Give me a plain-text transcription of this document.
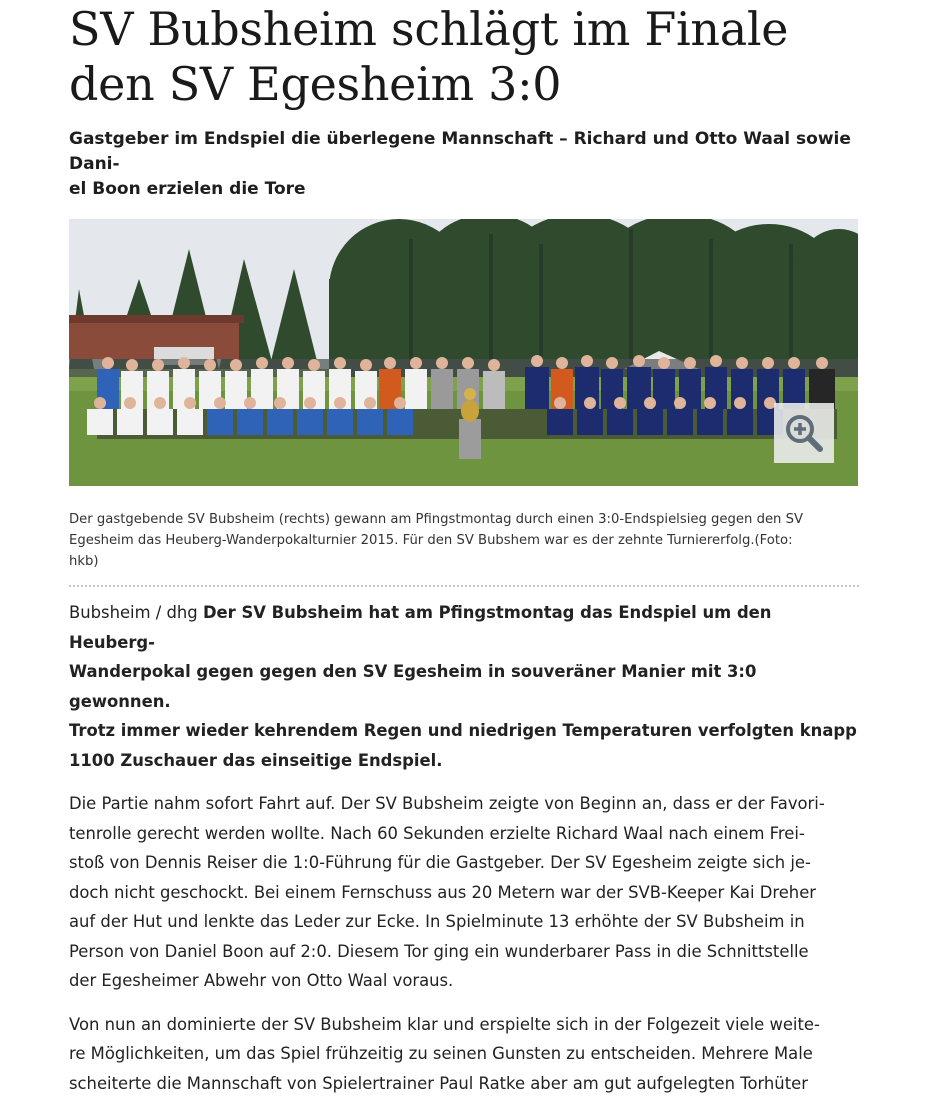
SV Bubsheim schlägt im Finale
den SV Egesheim 3:0

Gastgeber im Endspiel die überlegene Mannschaft – Richard und Otto Waal sowie Dani-
el Boon erzielen die Tore

Der gastgebende SV Bubsheim (rechts) gewann am Pfingstmontag durch einen 3:0-Endspielsieg gegen den SV
Egesheim das Heuberg-Wanderpokalturnier 2015. Für den SV Bubshem war es der zehnte Turniererfolg.(Foto:
hkb)

Bubsheim / dhg Der SV Bubsheim hat am Pfingstmontag das Endspiel um den Heuberg-
Wanderpokal gegen gegen den SV Egesheim in souveräner Manier mit 3:0 gewonnen.
Trotz immer wieder kehrendem Regen und niedrigen Temperaturen verfolgten knapp
1100 Zuschauer das einseitige Endspiel.

Die Partie nahm sofort Fahrt auf. Der SV Bubsheim zeigte von Beginn an, dass er der Favori-
tenrolle gerecht werden wollte. Nach 60 Sekunden erzielte Richard Waal nach einem Frei-
stoß von Dennis Reiser die 1:0-Führung für die Gastgeber. Der SV Egesheim zeigte sich je-
doch nicht geschockt. Bei einem Fernschuss aus 20 Metern war der SVB-Keeper Kai Dreher
auf der Hut und lenkte das Leder zur Ecke. In Spielminute 13 erhöhte der SV Bubsheim in
Person von Daniel Boon auf 2:0. Diesem Tor ging ein wunderbarer Pass in die Schnittstelle
der Egesheimer Abwehr von Otto Waal voraus.

Von nun an dominierte der SV Bubsheim klar und erspielte sich in der Folgezeit viele weite-
re Möglichkeiten, um das Spiel frühzeitig zu seinen Gunsten zu entscheiden. Mehrere Male
scheiterte die Mannschaft von Spielertrainer Paul Ratke aber am gut aufgelegten Torhüter
